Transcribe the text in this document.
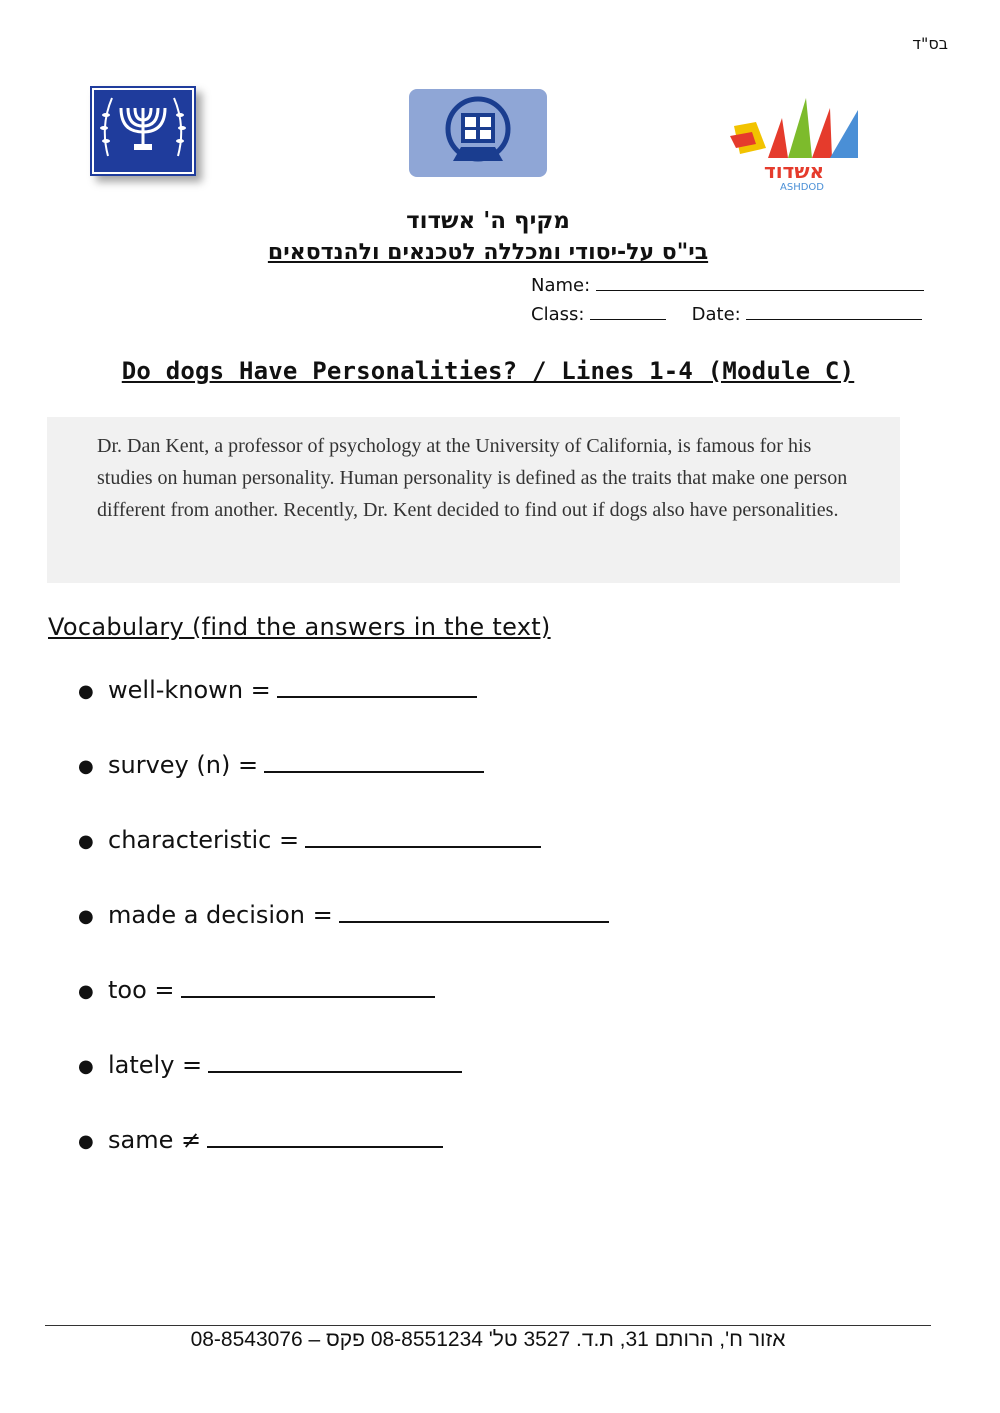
בס"ד
אשדוד
ASHDOD
מקיף ה' אשדוד
בי"ס על-יסודי ומכללה לטכנאים ולהנדסאים
Name:
Class:	Date:
Do dogs Have Personalities? / Lines 1-4 (Module C)

Dr. Dan Kent, a professor of psychology at the University of California, is famous for his studies on human personality. Human personality is defined as the traits that make one person different from another. Recently, Dr. Kent decided to find out if dogs also have personalities.

Vocabulary (find the answers in the text)
● well-known =
● survey (n) =
● characteristic =
● made a decision =
● too =
● lately =
● same ≠
אזור ח', הרותם 31, ת.ד. 3527 טל' 08-8551234 פקס – 08-8543076
